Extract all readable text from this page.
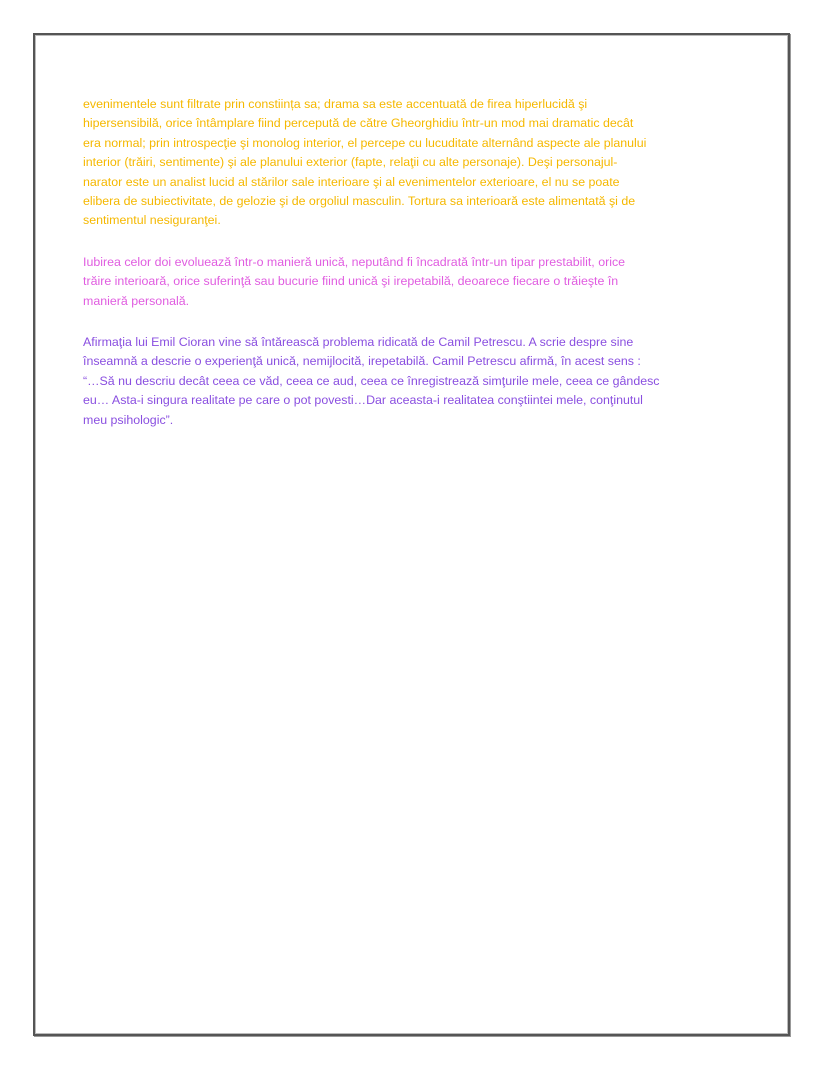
evenimentele sunt filtrate prin constiința sa; drama sa este accentuată de firea hiperlucidă şi
hipersensibilă, orice întâmplare fiind percepută de către Gheorghidiu într-un mod mai dramatic decât
era normal; prin introspecţie şi monolog interior, el percepe cu lucuditate alternând aspecte ale planului
interior (trăiri, sentimente) şi ale planului exterior (fapte, relaţii cu alte personaje). Deşi personajul-
narator este un analist lucid al stărilor sale interioare şi al evenimentelor exterioare, el nu se poate
elibera de subiectivitate, de gelozie şi de orgoliul masculin. Tortura sa interioară este alimentată şi de
sentimentul nesiguranţei.
Iubirea celor doi evoluează într-o manieră unică, neputând fi încadrată într-un tipar prestabilit, orice
trăire interioară, orice suferinţă sau bucurie fiind unică şi irepetabilă, deoarece fiecare o trăieşte în
manieră personală.
Afirmaţia lui Emil Cioran vine să întărească problema ridicată de Camil Petrescu. A scrie despre sine
înseamnă a descrie o experienţă unică, nemijlocită, irepetabilă. Camil Petrescu afirmă, în acest sens :
“…Să nu descriu decât ceea ce văd, ceea ce aud, ceea ce înregistrează simţurile mele, ceea ce gândesc
eu… Asta-i singura realitate pe care o pot povesti…Dar aceasta-i realitatea conştiintei mele, conţinutul
meu psihologic”.
